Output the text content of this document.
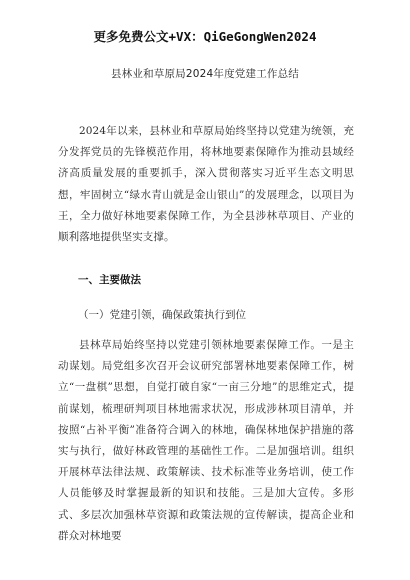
更多免费公文+VX：QiGeGongWen2024
县林业和草原局2024年度党建工作总结
2024年以来，县林业和草原局始终坚持以党建为统领，充分发挥党员的先锋模范作用，将林地要素保障作为推动县域经济高质量发展的重要抓手，深入贯彻落实习近平生态文明思想，牢固树立“绿水青山就是金山银山”的发展理念，以项目为王，全力做好林地要素保障工作，为全县涉林草项目、产业的顺利落地提供坚实支撑。
一、主要做法
（一）党建引领，确保政策执行到位
县林草局始终坚持以党建引领林地要素保障工作。一是主动谋划。局党组多次召开会议研究部署林地要素保障工作，树立“一盘棋”思想，自觉打破自家“一亩三分地”的思维定式，提前谋划，梳理研判项目林地需求状况，形成涉林项目清单，并按照“占补平衡”准备符合调入的林地，确保林地保护措施的落实与执行，做好林政管理的基础性工作。二是加强培训。组织开展林草法律法规、政策解读、技术标准等业务培训，使工作人员能够及时掌握最新的知识和技能。三是加大宣传。多形式、多层次加强林草资源和政策法规的宣传解读，提高企业和群众对林地要
